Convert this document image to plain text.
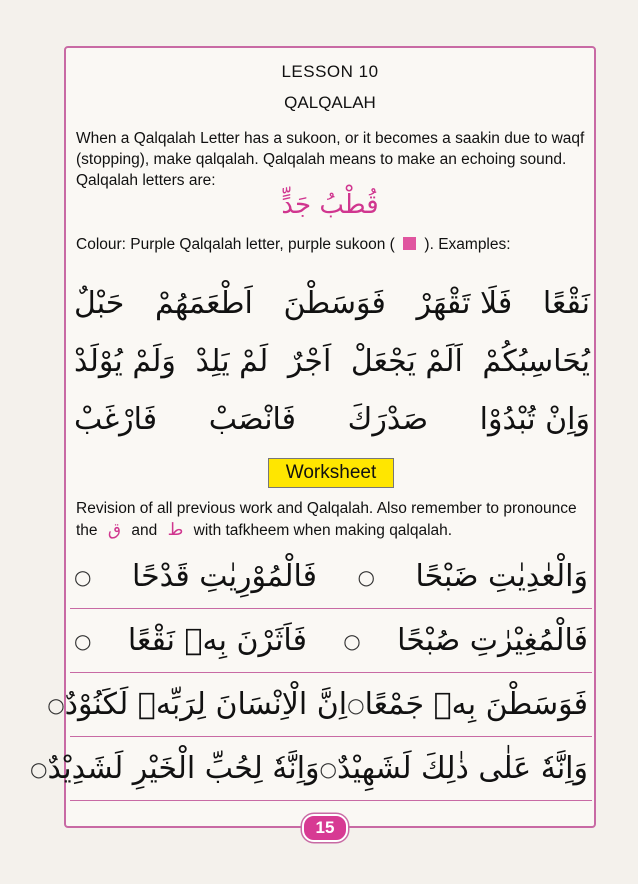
LESSON 10
QALQALAH

When a Qalqalah Letter has a sukoon, or it becomes a saakin due to waqf (stopping), make qalqalah. Qalqalah means to make an echoing sound. Qalqalah letters are:

قُطْبُ جَدٍّ
Colour: Purple Qalqalah letter, purple sukoon ( ). Examples:
نَقْعًا
فَلَا تَقْهَرْ
فَوَسَطْنَ
اَطْعَمَهُمْ
حَبْلٌ
يُحَاسِبُكُمْ
اَلَمْ يَجْعَلْ
اَجْرٌ
لَمْ يَلِدْ
وَلَمْ يُوْلَدْ
وَاِنْ تُبْدُوْا
صَدْرَكَ
فَانْصَبْ
فَارْغَبْ
Worksheet

Revision of all previous work and Qalqalah. Also remember to pronounce the ق and ط with tafkheem when making qalqalah.

وَالْعٰدِيٰتِ ضَبْحًا
○
فَالْمُوْرِيٰتِ قَدْحًا
○
فَالْمُغِيْرٰتِ صُبْحًا
○
فَاَثَرْنَ بِهٖ نَقْعًا
○
فَوَسَطْنَ بِهٖ جَمْعًا
○
اِنَّ الْاِنْسَانَ لِرَبِّهٖ لَكَنُوْدٌ
○
وَاِنَّهٗ عَلٰى ذٰلِكَ لَشَهِيْدٌ
○
وَاِنَّهٗ لِحُبِّ الْخَيْرِ لَشَدِيْدٌ
○
15
